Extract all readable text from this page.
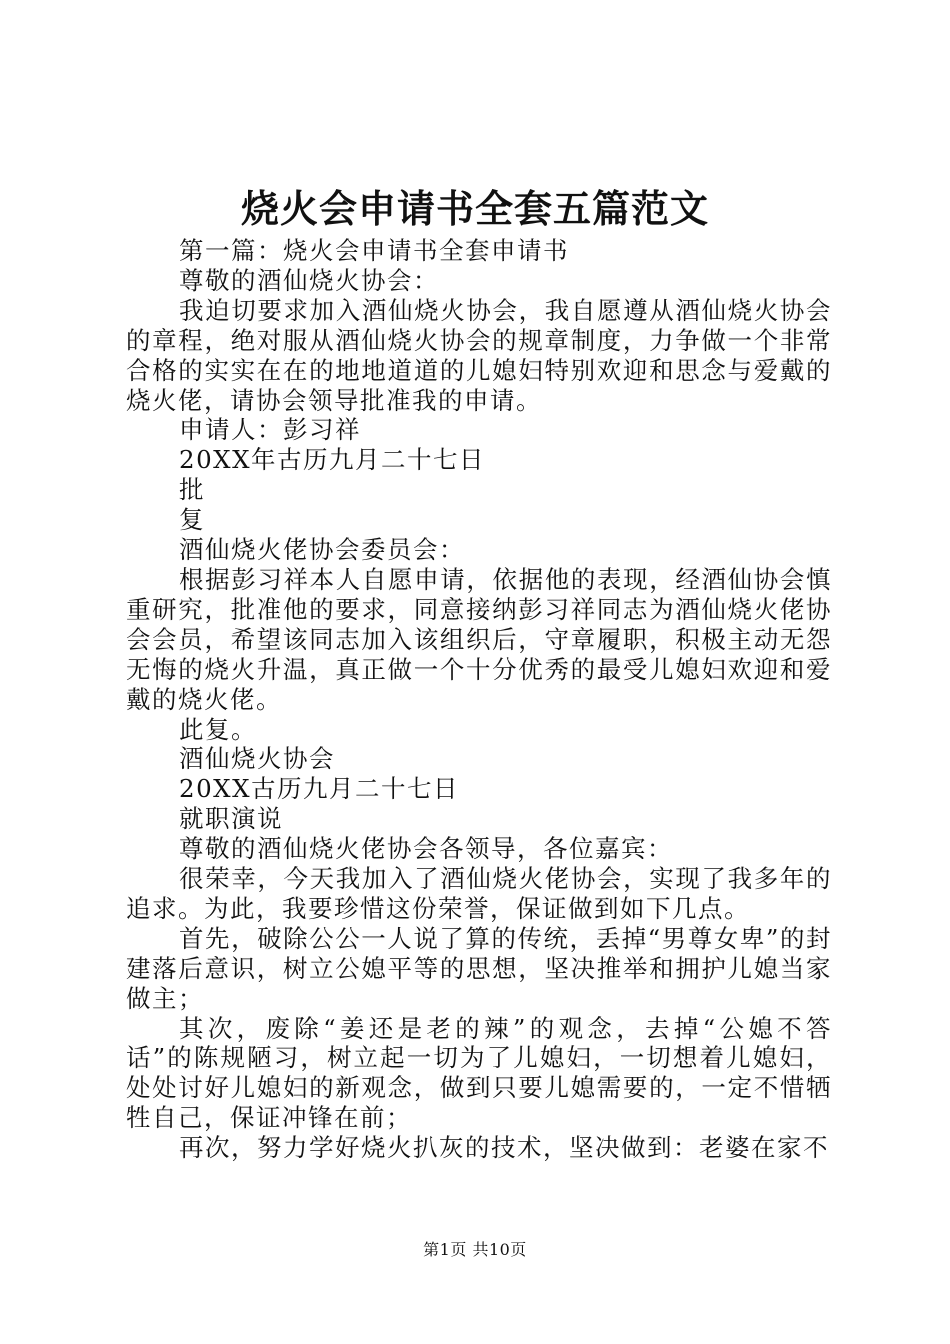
烧火会申请书全套五篇范文

第一篇：烧火会申请书全套申请书

尊敬的酒仙烧火协会：

我迫切要求加入酒仙烧火协会，我自愿遵从酒仙烧火协会的章程，绝对服从酒仙烧火协会的规章制度，力争做一个非常合格的实实在在的地地道道的儿媳妇特别欢迎和思念与爱戴的烧火佬，请协会领导批准我的申请。

申请人：彭习祥

20XX年古历九月二十七日

批

复

酒仙烧火佬协会委员会：

根据彭习祥本人自愿申请，依据他的表现，经酒仙协会慎重研究，批准他的要求，同意接纳彭习祥同志为酒仙烧火佬协会会员，希望该同志加入该组织后，守章履职，积极主动无怨无悔的烧火升温，真正做一个十分优秀的最受儿媳妇欢迎和爱戴的烧火佬。

此复。

酒仙烧火协会

20XX古历九月二十七日

就职演说

尊敬的酒仙烧火佬协会各领导，各位嘉宾：

很荣幸，今天我加入了酒仙烧火佬协会，实现了我多年的追求。为此，我要珍惜这份荣誉，保证做到如下几点。

首先，破除公公一人说了算的传统，丢掉“男尊女卑”的封建落后意识，树立公媳平等的思想，坚决推举和拥护儿媳当家做主；

其次，废除“姜还是老的辣”的观念，去掉“公媳不答话”的陈规陋习，树立起一切为了儿媳妇，一切想着儿媳妇，处处讨好儿媳妇的新观念，做到只要儿媳需要的，一定不惜牺牲自己，保证冲锋在前；

再次，努力学好烧火扒灰的技术，坚决做到：老婆在家不

第1页 共10页
